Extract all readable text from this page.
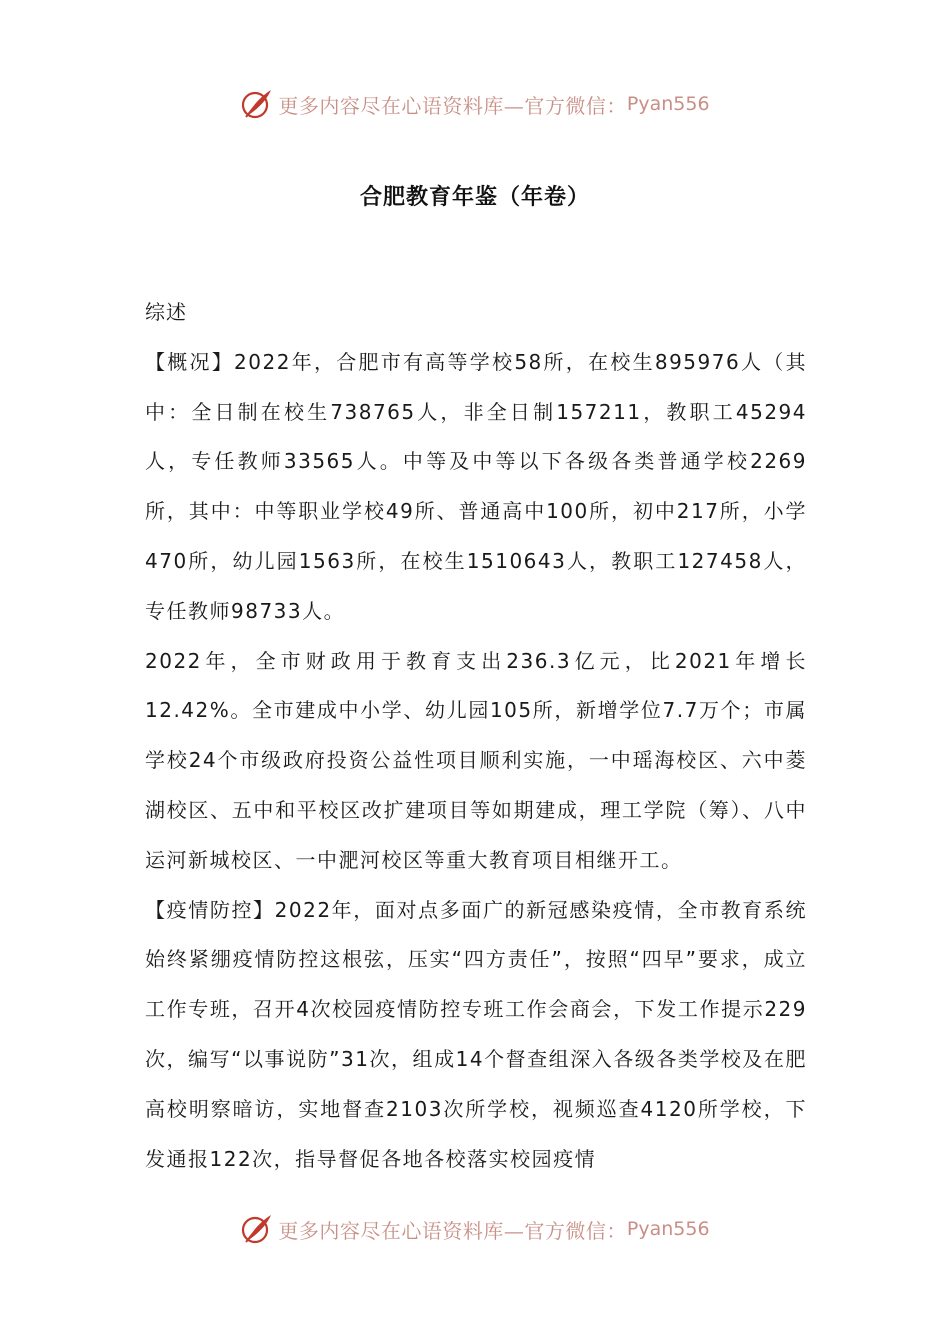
更多内容尽在心语资料库— 官方微信： Pyan556
合肥教育年鉴（年卷）

综述

【概况】2022年，合肥市有高等学校58所，在校生895976人（其中：全日制在校生738765人，非全日制157211，教职工45294人，专任教师33565人。中等及中等以下各级各类普通学校2269所，其中：中等职业学校49所、普通高中100所，初中217所，小学470所，幼儿园1563所，在校生1510643人，教职工127458人，专任教师98733人。

2022年，全市财政用于教育支出236.3亿元，比2021年增长12.42%。全市建成中小学、幼儿园105所，新增学位7.7万个；市属学校24个市级政府投资公益性项目顺利实施，一中瑶海校区、六中菱湖校区、五中和平校区改扩建项目等如期建成，理工学院（筹）、八中运河新城校区、一中淝河校区等重大教育项目相继开工。

【疫情防控】2022年，面对点多面广的新冠感染疫情，全市教育系统始终紧绷疫情防控这根弦，压实“四方责任”，按照“四早”要求，成立工作专班，召开4次校园疫情防控专班工作会商会，下发工作提示229次，编写“以事说防”31次，组成14个督查组深入各级各类学校及在肥高校明察暗访，实地督查2103次所学校，视频巡查4120所学校，下发通报122次，指导督促各地各校落实校园疫情

更多内容尽在心语资料库— 官方微信： Pyan556
